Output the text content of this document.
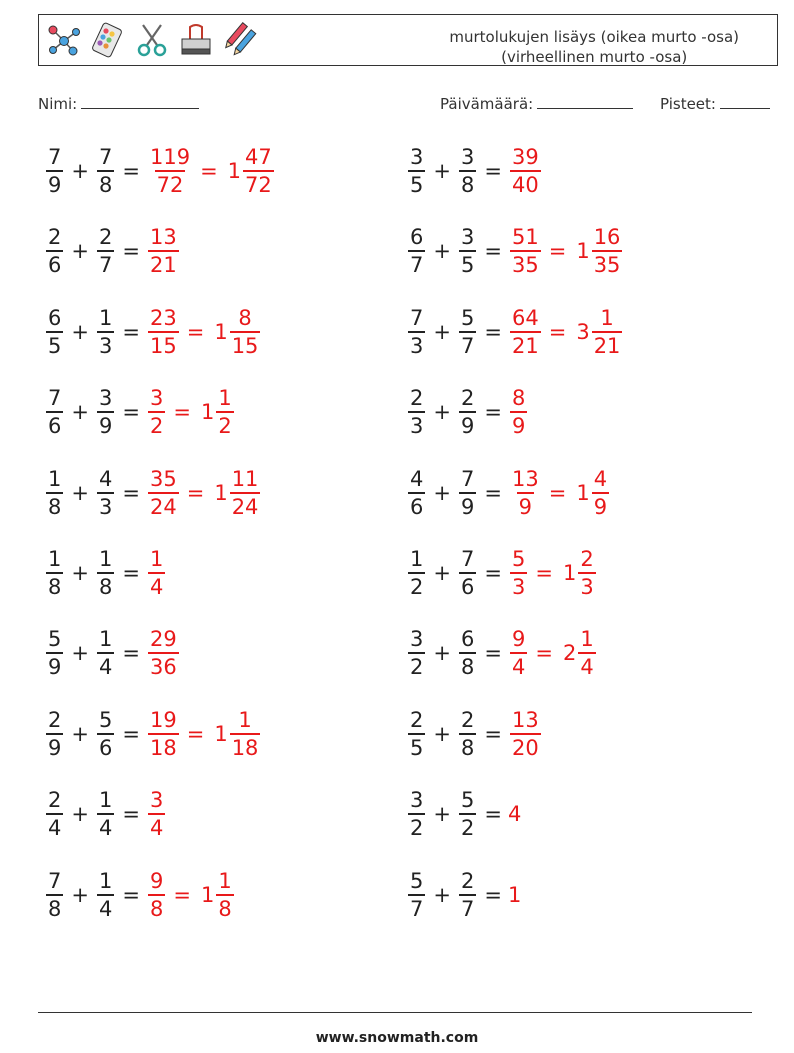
murtolukujen lisäys (oikea murto -osa)
(virheellinen murto -osa)
Nimi:	Päivämäärä:	Pisteet:
$\frac{7}{9} + \frac{7}{8} = \frac{119}{72} = 1 \frac{47}{72}$	$\frac{3}{5} + \frac{3}{8} = \frac{39}{40}$
$\frac{2}{6} + \frac{2}{7} = \frac{13}{21}$	$\frac{6}{7} + \frac{3}{5} = \frac{51}{35} = 1 \frac{16}{35}$
$\frac{6}{5} + \frac{1}{3} = \frac{23}{15} = 1 \frac{8}{15}$	$\frac{7}{3} + \frac{5}{7} = \frac{64}{21} = 3 \frac{1}{21}$
$\frac{7}{6} + \frac{3}{9} = \frac{3}{2} = 1 \frac{1}{2}$	$\frac{2}{3} + \frac{2}{9} = \frac{8}{9}$
$\frac{1}{8} + \frac{4}{3} = \frac{35}{24} = 1 \frac{11}{24}$	$\frac{4}{6} + \frac{7}{9} = \frac{13}{9} = 1 \frac{4}{9}$
$\frac{1}{8} + \frac{1}{8} = \frac{1}{4}$	$\frac{1}{2} + \frac{7}{6} = \frac{5}{3} = 1 \frac{2}{3}$
$\frac{5}{9} + \frac{1}{4} = \frac{29}{36}$	$\frac{3}{2} + \frac{6}{8} = \frac{9}{4} = 2 \frac{1}{4}$
$\frac{2}{9} + \frac{5}{6} = \frac{19}{18} = 1 \frac{1}{18}$	$\frac{2}{5} + \frac{2}{8} = \frac{13}{20}$
$\frac{2}{4} + \frac{1}{4} = \frac{3}{4}$	$\frac{3}{2} + \frac{5}{2} = 4$
$\frac{7}{8} + \frac{1}{4} = \frac{9}{8} = 1 \frac{1}{8}$	$\frac{5}{7} + \frac{2}{7} = 1$
www.snowmath.com
